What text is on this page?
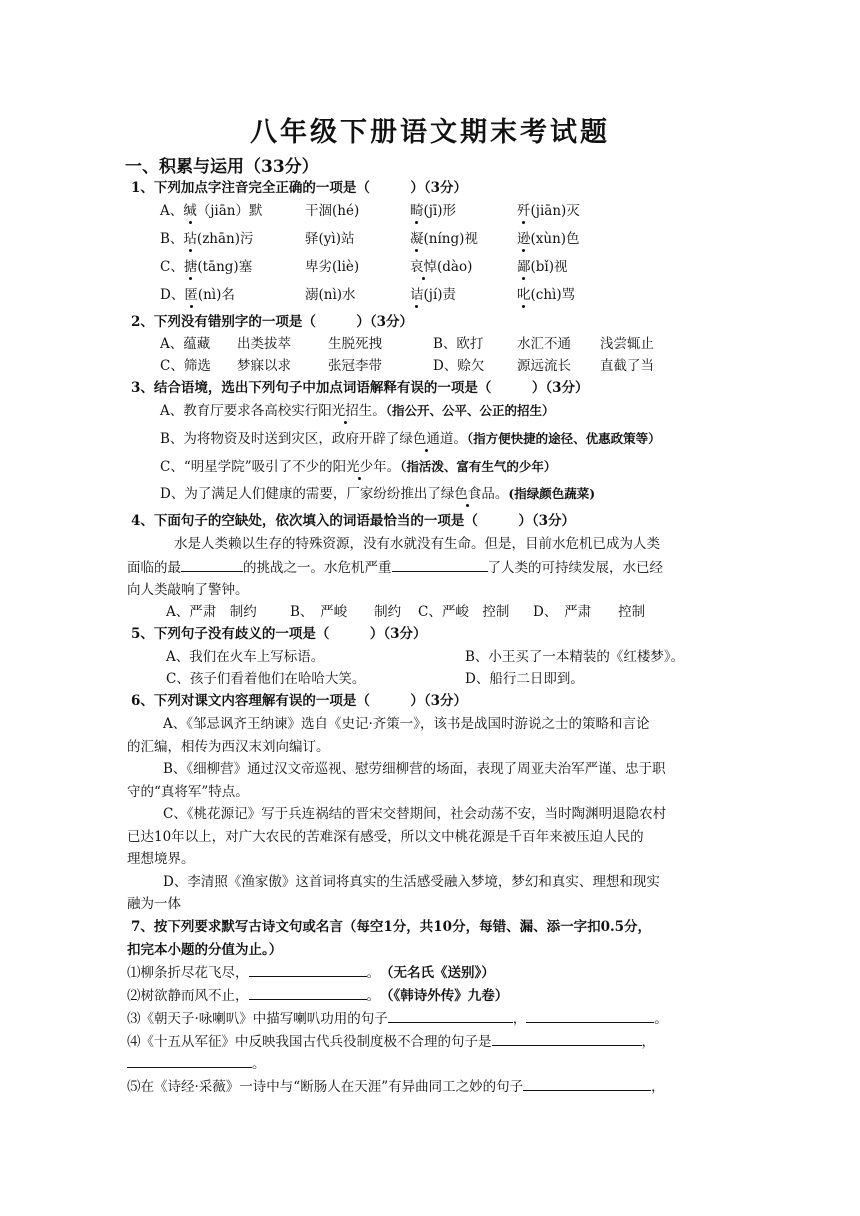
八年级下册语文期末考试题
一、积累与运用（33分）
1、下列加点字注音完全正确的一项是（　　　）（3分）
A、缄（jiān）默	干涸(hé)	畸(jī)形	歼(jiān)灭
B、玷(zhān)污	驿(yì)站	凝(níng)视	逊(xùn)色
C、搪(tāng)塞	卑劣(liè)	哀悼(dào)	鄙(bǐ)视
D、匿(nì)名	溺(nì)水	诘(jí)责	叱(chì)骂
2、下列没有错别字的一项是（　　　）（3分）
A、蕴藏 出类拔萃	生脱死拽	B、欧打 水汇不通 浅尝辄止
C、筛选 梦寐以求	张冠李带	D、赊欠 源远流长 直截了当
3、结合语境，选出下列句子中加点词语解释有误的一项是（　　　）（3分）
A、教育厅要求各高校实行阳光招生。（指公开、公平、公正的招生）
B、为将物资及时送到灾区，政府开辟了绿色通道。（指方便快捷的途径、优惠政策等）
C、“明星学院”吸引了不少的阳光少年。（指活泼、富有生气的少年）
D、为了满足人们健康的需要，厂家纷纷推出了绿色食品。(指绿颜色蔬菜)
4、下面句子的空缺处，依次填入的词语最恰当的一项是（　　　）（3分）
水是人类赖以生存的特殊资源，没有水就没有生命。但是，目前水危机已成为人类
面临的最	的挑战之一。水危机严重	了人类的可持续发展，水已经
向人类敲响了警钟。
A、严肃　制约 B、　严峻　　制约 C、严峻　控制 D、　严肃　　控制
5、下列句子没有歧义的一项是（　　　）（3分）
A、我们在火车上写标语。	B、小王买了一本精装的《红楼梦》。
C、孩子们看着他们在哈哈大笑。	D、船行二日即到。
6、下列对课文内容理解有误的一项是（　　　）（3分）
A、《邹忌讽齐王纳谏》选自《史记·齐策一》，该书是战国时游说之士的策略和言论
的汇编，相传为西汉末刘向编订。
B、《细柳营》通过汉文帝巡视、慰劳细柳营的场面，表现了周亚夫治军严谨、忠于职
守的“真将军”特点。
C、《桃花源记》写于兵连祸结的晋宋交替期间，社会动荡不安，当时陶渊明退隐农村
已达10年以上，对广大农民的苦难深有感受，所以文中桃花源是千百年来被压迫人民的
理想境界。
D、李清照《渔家傲》这首词将真实的生活感受融入梦境，梦幻和真实、理想和现实
融为一体
7、按下列要求默写古诗文句或名言（每空1分，共10分，每错、漏、添一字扣0.5分，
扣完本小题的分值为止。）
⑴柳条折尽花飞尽，	。　 （无名氏《送别》）
⑵树欲静而风不止，	。　 （《韩诗外传》九卷）
⑶《朝天子·咏喇叭》中描写喇叭功用的句子	，	。
⑷《十五从军征》中反映我国古代兵役制度极不合理的句子是	，
。
⑸在《诗经·采薇》一诗中与“断肠人在天涯”有异曲同工之妙的句子	，
